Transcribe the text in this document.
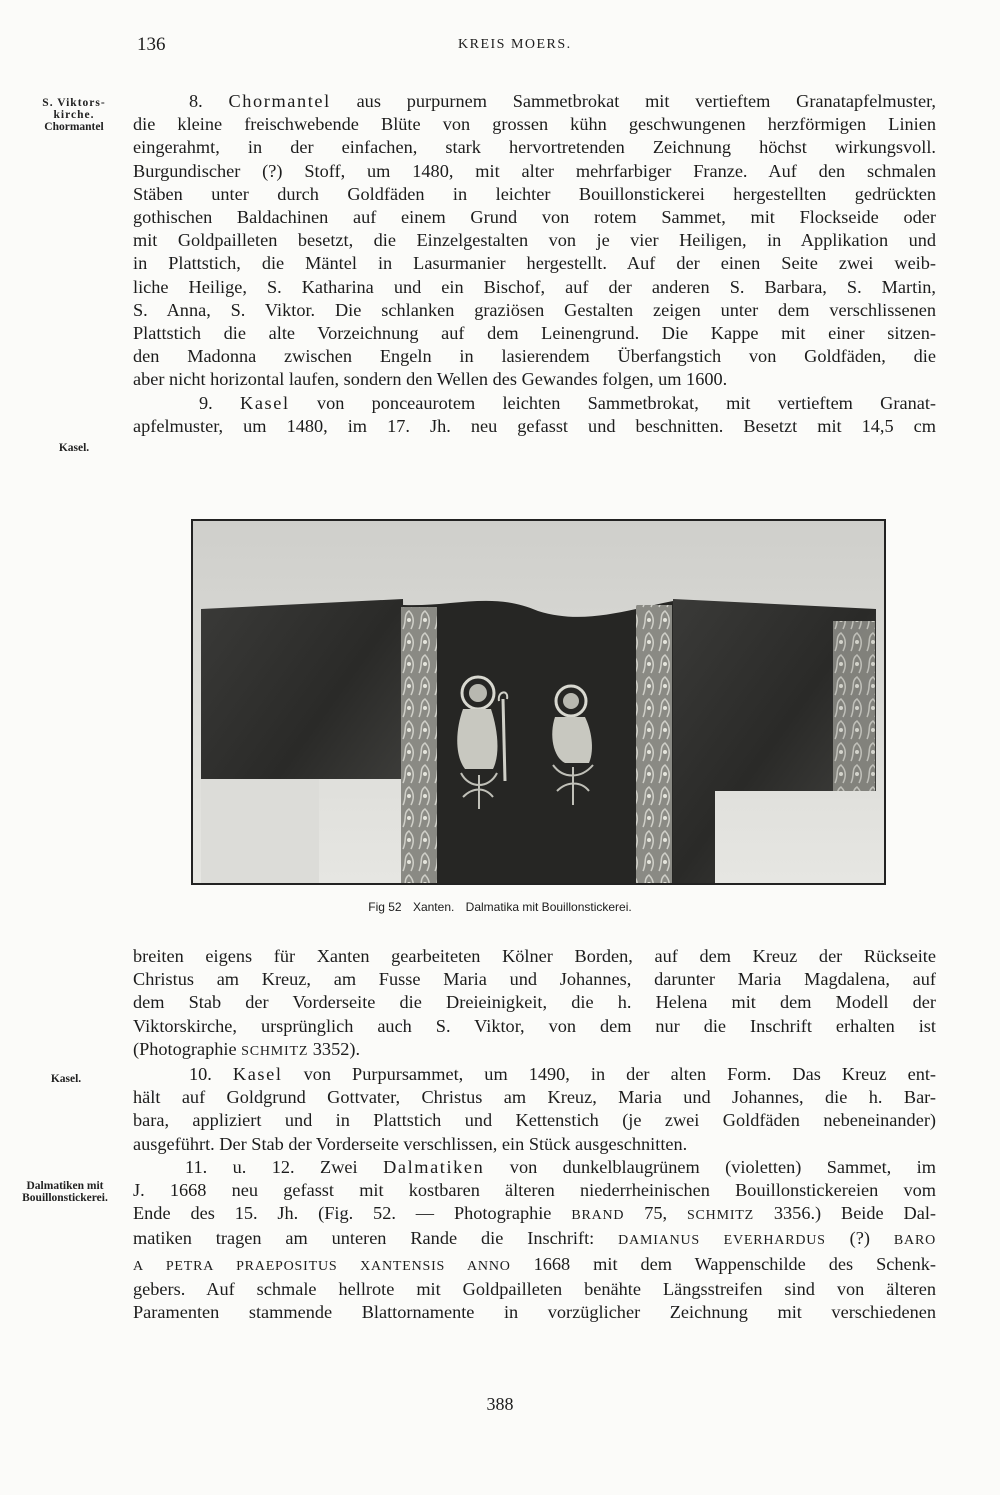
136	KREIS MOERS.
S. Viktors-
kirche.
Chormantel
Kasel.
Kasel.
Dalmatiken mit
Bouillonstickerei.

8. Chormantel aus purpurnem Sammetbrokat mit vertieftem Granatapfelmuster,
die kleine freischwebende Blüte von grossen kühn geschwungenen herzförmigen Linien
eingerahmt, in der einfachen, stark hervortretenden Zeichnung höchst wirkungsvoll.
Burgundischer (?) Stoff, um 1480, mit alter mehrfarbiger Franze. Auf den schmalen
Stäben unter durch Goldfäden in leichter Bouillonstickerei hergestellten gedrückten
gothischen Baldachinen auf einem Grund von rotem Sammet, mit Flockseide oder
mit Goldpailleten besetzt, die Einzelgestalten von je vier Heiligen, in Applikation und
in Plattstich, die Mäntel in Lasurmanier hergestellt. Auf der einen Seite zwei weib-
liche Heilige, S. Katharina und ein Bischof, auf der anderen S. Barbara, S. Martin,
S. Anna, S. Viktor. Die schlanken graziösen Gestalten zeigen unter dem verschlissenen
Plattstich die alte Vorzeichnung auf dem Leinengrund. Die Kappe mit einer sitzen-
den Madonna zwischen Engeln in lasierendem Überfangstich von Goldfäden, die
aber nicht horizontal laufen, sondern den Wellen des Gewandes folgen, um 1600.

9. Kasel von ponceaurotem leichten Sammetbrokat, mit vertieftem Granat-
apfelmuster, um 1480, im 17. Jh. neu gefasst und beschnitten. Besetzt mit 14,5 cm

Fig 52 Xanten. Dalmatika mit Bouillonstickerei.

breiten eigens für Xanten gearbeiteten Kölner Borden, auf dem Kreuz der Rückseite
Christus am Kreuz, am Fusse Maria und Johannes, darunter Maria Magdalena, auf
dem Stab der Vorderseite die Dreieinigkeit, die h. Helena mit dem Modell der
Viktorskirche, ursprünglich auch S. Viktor, von dem nur die Inschrift erhalten ist
(Photographie SCHMITZ 3352).

10. Kasel von Purpursammet, um 1490, in der alten Form. Das Kreuz ent-
hält auf Goldgrund Gottvater, Christus am Kreuz, Maria und Johannes, die h. Bar-
bara, appliziert und in Plattstich und Kettenstich (je zwei Goldfäden nebeneinander)
ausgeführt. Der Stab der Vorderseite verschlissen, ein Stück ausgeschnitten.

11. u. 12. Zwei Dalmatiken von dunkelblaugrünem (violetten) Sammet, im
J. 1668 neu gefasst mit kostbaren älteren niederrheinischen Bouillonstickereien vom
Ende des 15. Jh. (Fig. 52. — Photographie BRAND 75, SCHMITZ 3356.) Beide Dal-
matiken tragen am unteren Rande die Inschrift: DAMIANUS EVERHARDUS (?) BARO
A PETRA PRAEPOSITUS XANTENSIS ANNO 1668 mit dem Wappenschilde des Schenk-
gebers. Auf schmale hellrote mit Goldpailleten benähte Längsstreifen sind von älteren
Paramenten stammende Blattornamente in vorzüglicher Zeichnung mit verschiedenen

388
